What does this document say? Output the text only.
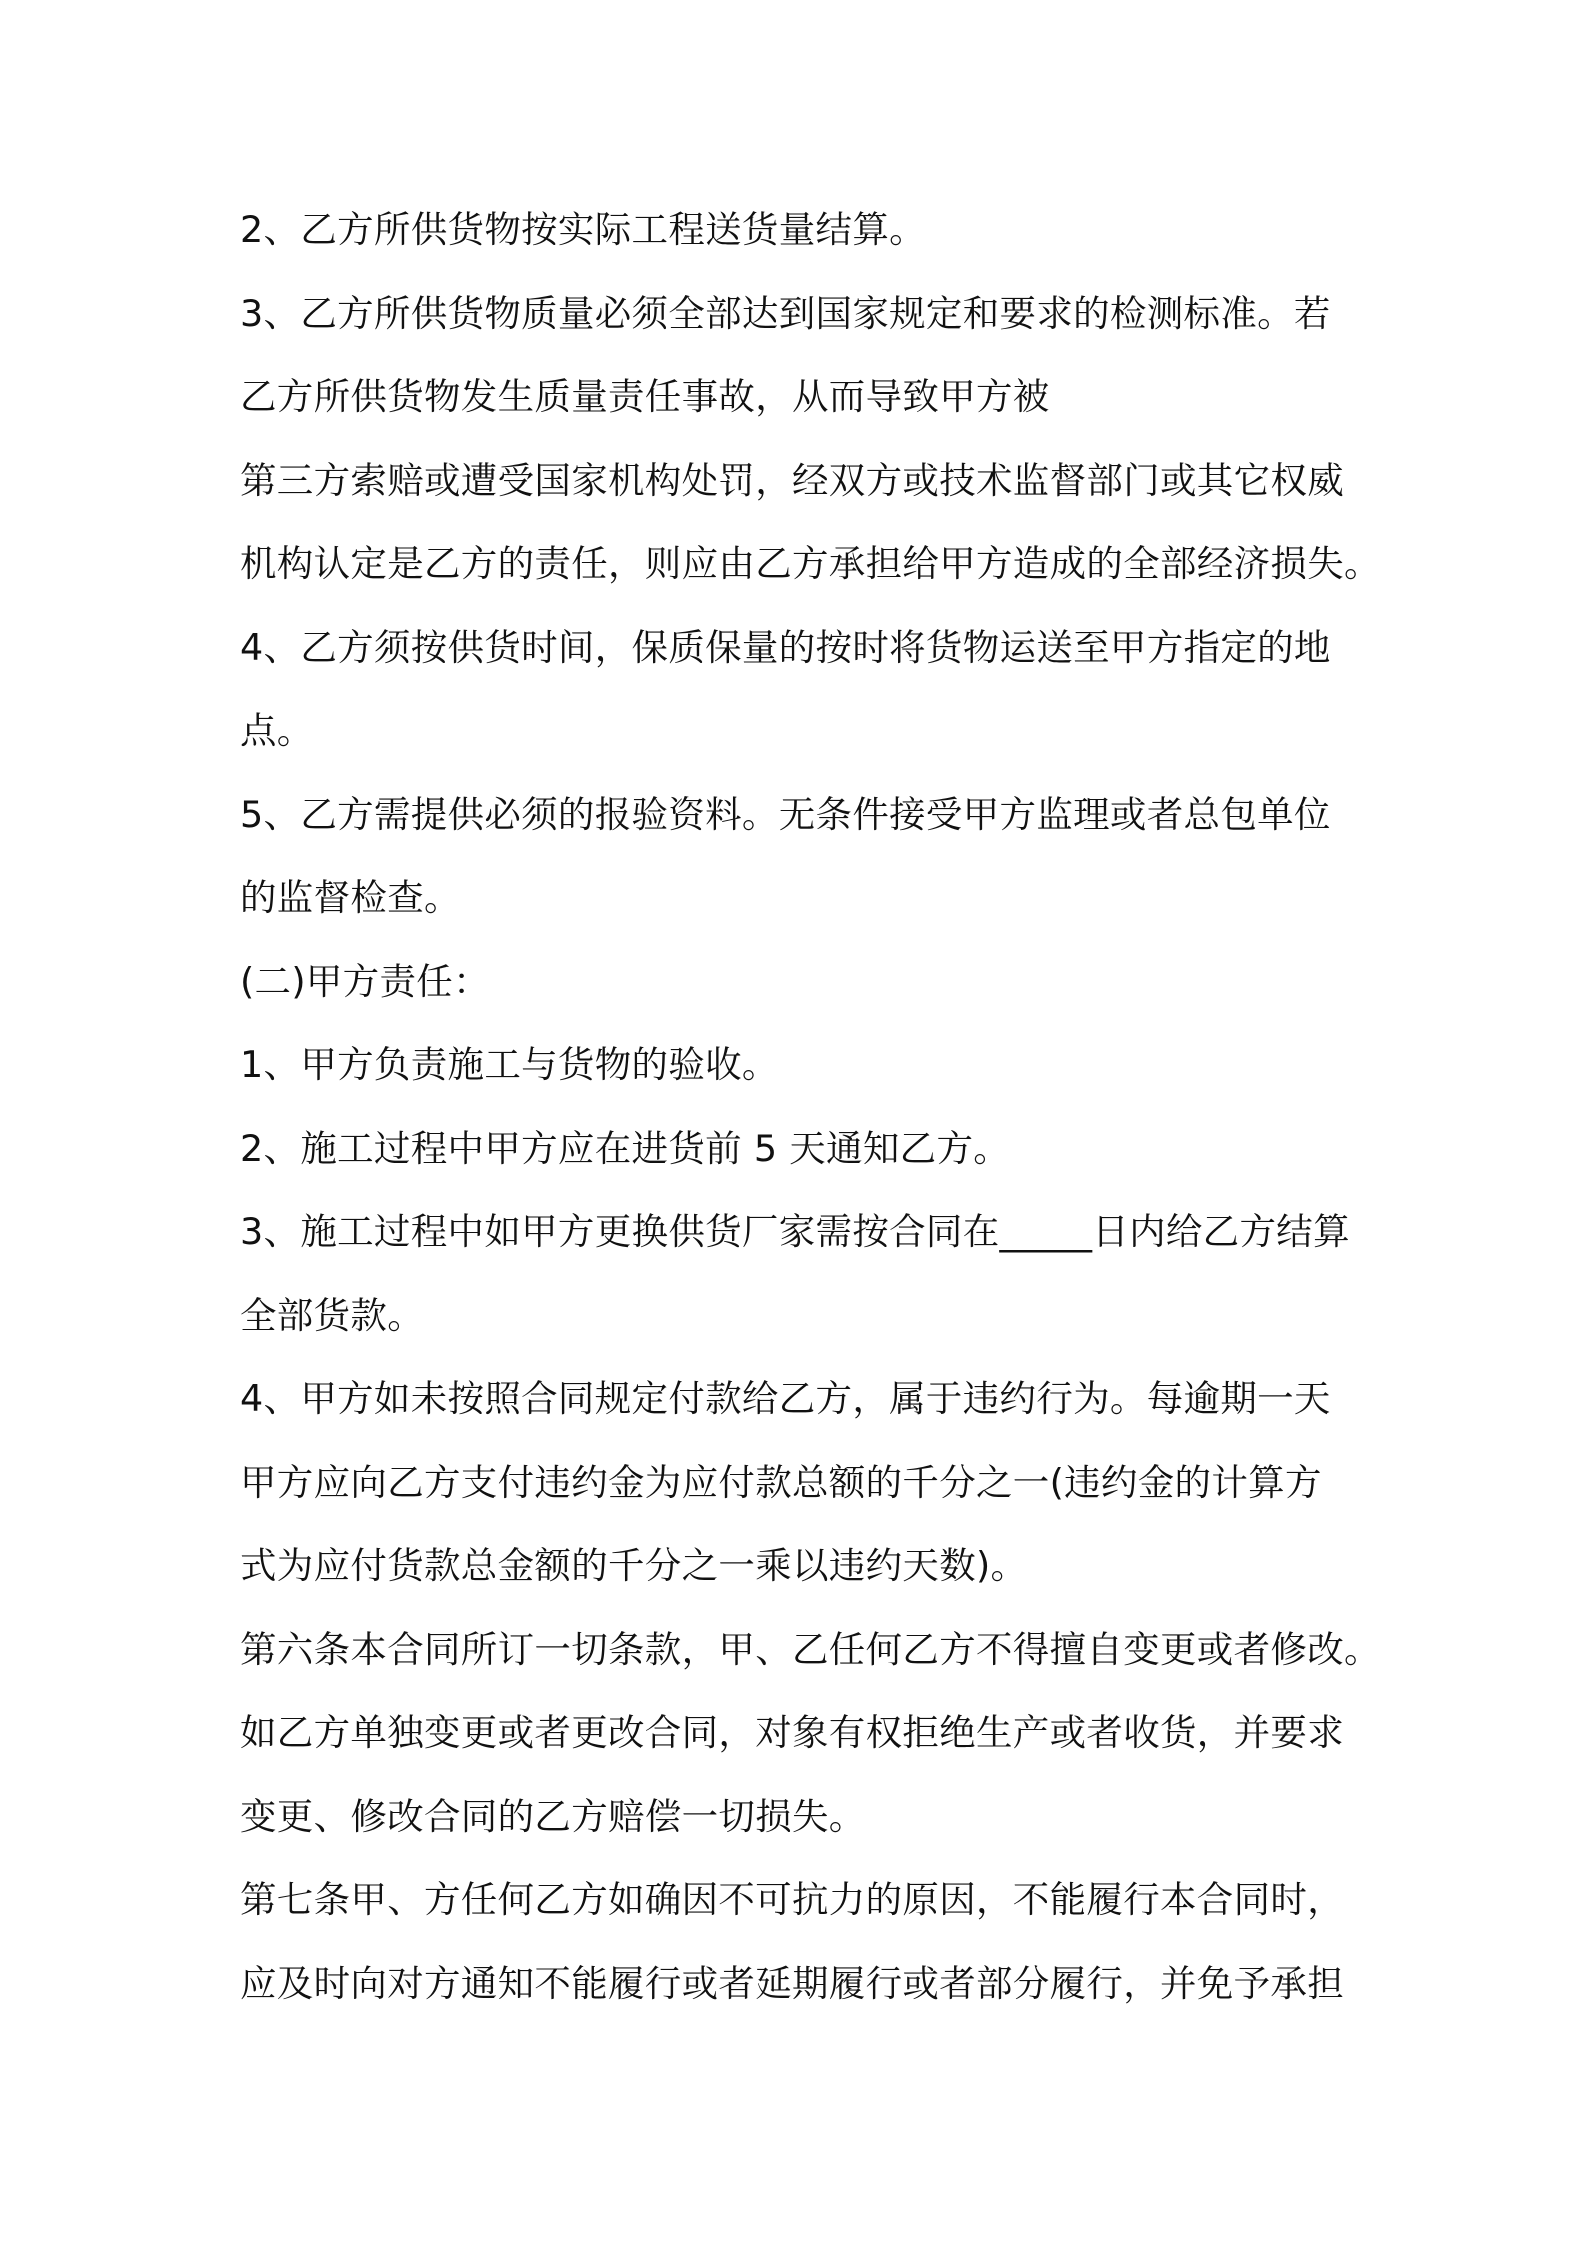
2、乙方所供货物按实际工程送货量结算。
3、乙方所供货物质量必须全部达到国家规定和要求的检测标准。若
乙方所供货物发生质量责任事故，从而导致甲方被
第三方索赔或遭受国家机构处罚，经双方或技术监督部门或其它权威
机构认定是乙方的责任，则应由乙方承担给甲方造成的全部经济损失。
4、乙方须按供货时间，保质保量的按时将货物运送至甲方指定的地
点。
5、乙方需提供必须的报验资料。无条件接受甲方监理或者总包单位
的监督检查。
(二)甲方责任：
1、甲方负责施工与货物的验收。
2、施工过程中甲方应在进货前 5 天通知乙方。
3、施工过程中如甲方更换供货厂家需按合同在_____日内给乙方结算
全部货款。
4、甲方如未按照合同规定付款给乙方，属于违约行为。每逾期一天
甲方应向乙方支付违约金为应付款总额的千分之一(违约金的计算方
式为应付货款总金额的千分之一乘以违约天数)。
第六条本合同所订一切条款，甲、乙任何乙方不得擅自变更或者修改。
如乙方单独变更或者更改合同，对象有权拒绝生产或者收货，并要求
变更、修改合同的乙方赔偿一切损失。
第七条甲、方任何乙方如确因不可抗力的原因，不能履行本合同时，
应及时向对方通知不能履行或者延期履行或者部分履行，并免予承担
